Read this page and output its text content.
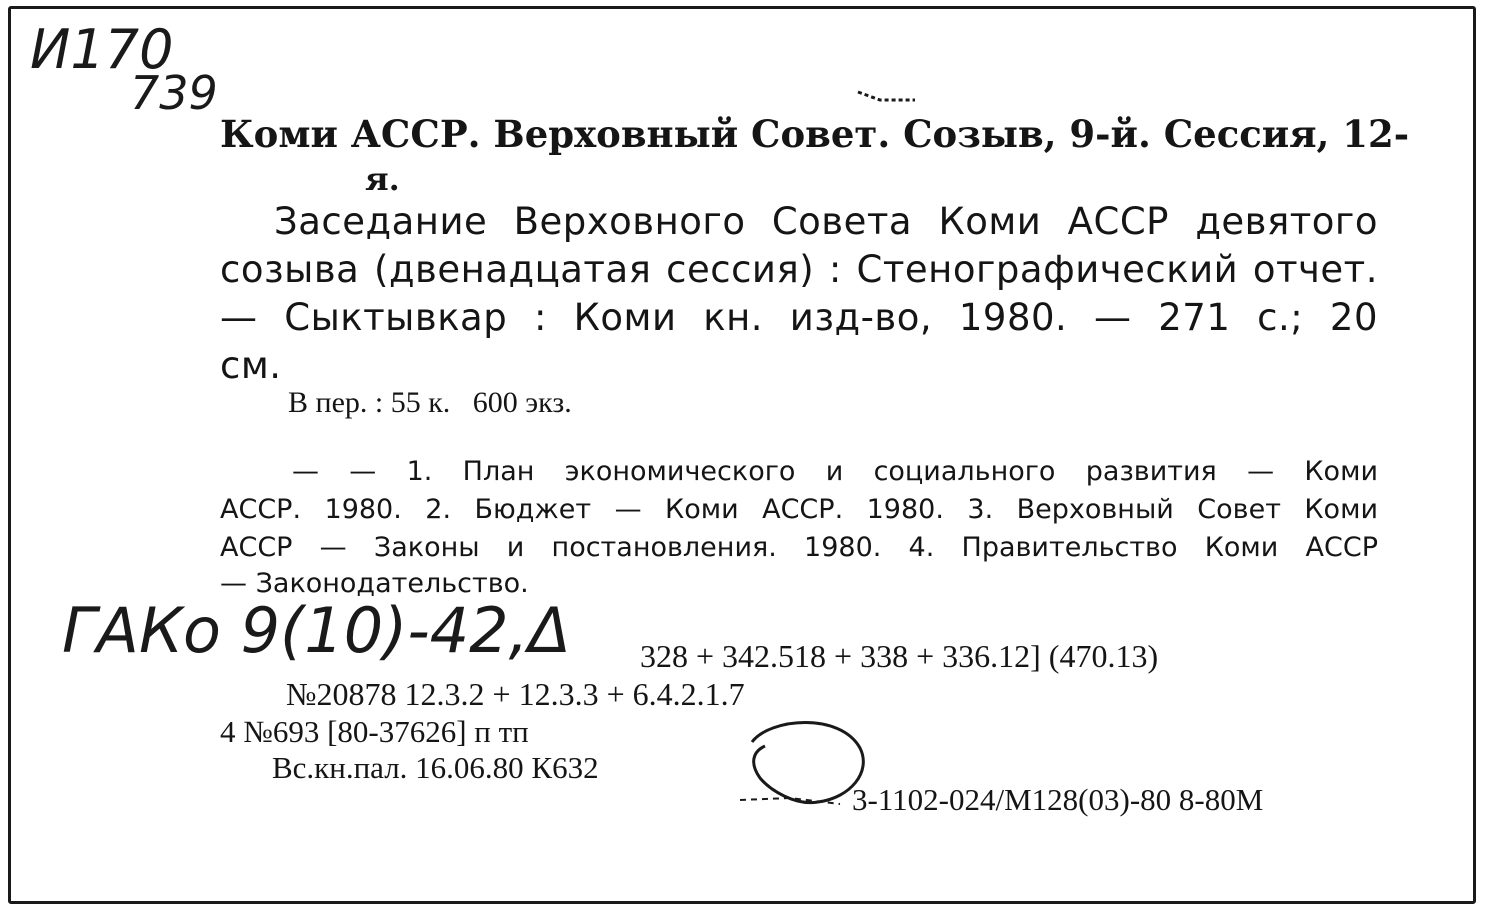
И170
739
Коми АССР. Верховный Совет. Созыв, 9-й. Сессия, 12-
я.
Заседание Верховного Совета Коми АССР девятого
созыва (двенадцатая сессия) : Стенографический отчет.
— Сыктывкар : Коми кн. изд-во, 1980. — 271 с.; 20
см.
В пер. : 55 к.   600 экз.
— — 1. План экономического и социального развития — Коми
АССР. 1980. 2. Бюджет — Коми АССР. 1980. 3. Верховный Совет Коми
АССР — Законы и постановления. 1980. 4. Правительство Коми АССР
— Законодательство.
ГАКо 9(10)-42,Δ 328 + 342.518 + 338 + 336.12] (470.13)
№20878 12.3.2 + 12.3.3 + 6.4.2.1.7
4 №693 [80-37626] п тп
Вс.кн.пал. 16.06.80 К632
3-1102-024/М128(03)-80 8-80М
